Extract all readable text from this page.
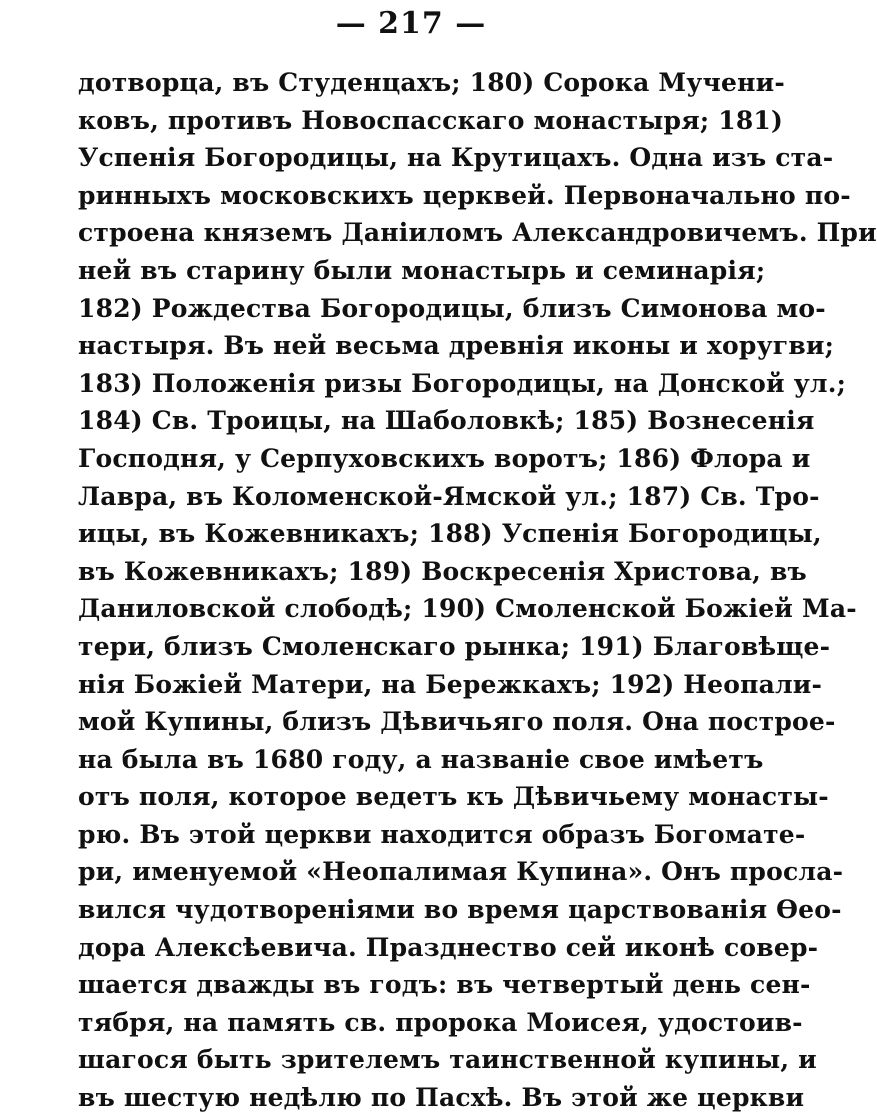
— 217 —
дотворца, въ Студенцахъ; 180) Сорока Мучени-
ковъ, противъ Новоспасскаго монастыря; 181)
Успенія Богородицы, на Крутицахъ. Одна изъ ста-
ринныхъ московскихъ церквей. Первоначально по-
строена княземъ Даніиломъ Александровичемъ. При
ней въ старину были монастырь и семинарія;
182) Рождества Богородицы, близъ Симонова мо-
настыря. Въ ней весьма древнія иконы и хоругви;
183) Положенія ризы Богородицы, на Донской ул.;
184) Св. Троицы, на Шаболовкѣ; 185) Вознесенія
Господня, у Серпуховскихъ воротъ; 186) Флора и
Лавра, въ Коломенской-Ямской ул.; 187) Св. Тро-
ицы, въ Кожевникахъ; 188) Успенія Богородицы,
въ Кожевникахъ; 189) Воскресенія Христова, въ
Даниловской слободѣ; 190) Смоленской Божіей Ма-
тери, близъ Смоленскаго рынка; 191) Благовѣще-
нія Божіей Матери, на Бережкахъ; 192) Неопали-
мой Купины, близъ Дѣвичьяго поля. Она построе-
на была въ 1680 году, а названіе свое имѣетъ
отъ поля, которое ведетъ къ Дѣвичьему монасты-
рю. Въ этой церкви находится образъ Богомате-
ри, именуемой «Неопалимая Купина». Онъ просла-
вился чудотвореніями во время царствованія Ѳео-
дора Алексѣевича. Празднество сей иконѣ совер-
шается дважды въ годъ: въ четвертый день сен-
тября, на память св. пророка Моисея, удостоив-
шагося быть зрителемъ таинственной купины, и
въ шестую недѣлю по Пасхѣ. Въ этой же церкви
